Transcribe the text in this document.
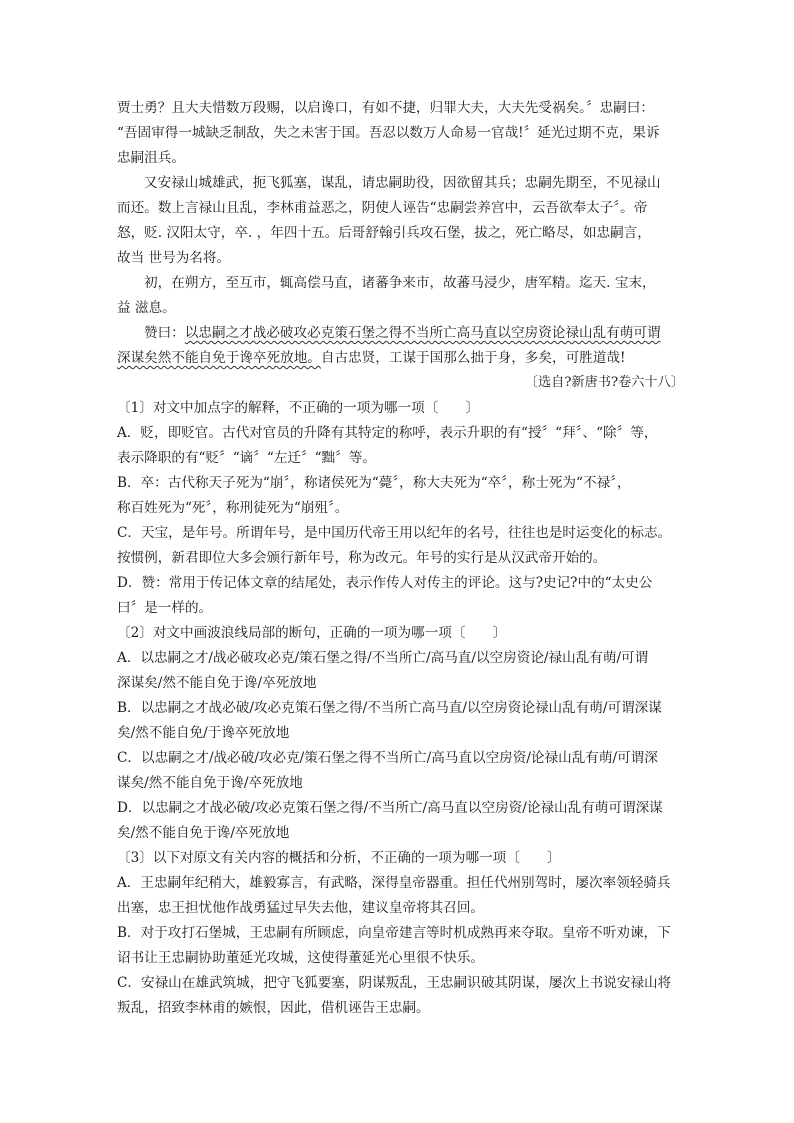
贾士勇？且大夫惜数万段赐，以启谗口，有如不捷，归罪大夫，大夫先受祸矣。〞忠嗣曰：
“吾固审得一城缺乏制敌，失之未害于国。吾忍以数万人命易一官哉!〞延光过期不克，果诉
忠嗣沮兵。
又安禄山城雄武，扼飞狐塞，谋乱，请忠嗣助役，因欲留其兵；忠嗣先期至，不见禄山
而还。数上言禄山且乱，李林甫益恶之，阴使人诬告“忠嗣尝养宫中，云吾欲奉太子〞。帝
怒，贬. 汉阳太守，卒. ，年四十五。后哥舒翰引兵攻石堡，拔之，死亡略尽，如忠嗣言，
故当 世号为名将。
初，在朔方，至互市，辄高偿马直，诸蕃争来市，故蕃马浸少，唐军精。迄天. 宝末，
益 滋息。
赞曰：以忠嗣之才战必破攻必克策石堡之得不当所亡高马直以空房资论禄山乱有萌可谓
深谋矣然不能自免于谗卒死放地。自古忠贤，工谋于国那么拙于身，多矣，可胜道哉!
〔选自?新唐书?卷六十八〕
〔1〕对文中加点字的解释，不正确的一项为哪一项〔　　〕
A．贬，即贬官。古代对官员的升降有其特定的称呼，表示升职的有“授〞“拜〞、“除〞等，
表示降职的有“贬〞“谪〞“左迁〞“黜〞等。
B．卒：古代称天子死为“崩〞，称诸侯死为“薨〞，称大夫死为“卒〞，称士死为“不禄〞，
称百姓死为“死〞，称刑徒死为“崩殂〞。
C．天宝，是年号。所谓年号，是中国历代帝王用以纪年的名号，往往也是时运变化的标志。
按惯例，新君即位大多会颁行新年号，称为改元。年号的实行是从汉武帝开始的。
D．赞：常用于传记体文章的结尾处，表示作传人对传主的评论。这与?史记?中的“太史公
曰〞是一样的。
〔2〕对文中画波浪线局部的断句，正确的一项为哪一项〔　　〕
A．以忠嗣之才/战必破攻必克/策石堡之得/不当所亡/高马直/以空房资论/禄山乱有萌/可谓
深谋矣/然不能自免于谗/卒死放地
B．以忠嗣之才战必破/攻必克策石堡之得/不当所亡高马直/以空房资论禄山乱有萌/可谓深谋
矣/然不能自免/于谗卒死放地
C．以忠嗣之才/战必破/攻必克/策石堡之得不当所亡/高马直以空房资/论禄山乱有萌/可谓深
谋矣/然不能自免于谗/卒死放地
D．以忠嗣之才战必破/攻必克策石堡之得/不当所亡/高马直以空房资/论禄山乱有萌可谓深谋
矣/然不能自免于谗/卒死放地
〔3〕以下对原文有关内容的概括和分析，不正确的一项为哪一项〔　　〕
A．王忠嗣年纪稍大，雄毅寡言，有武略，深得皇帝器重。担任代州别驾时，屡次率领轻骑兵
出塞，忠王担忧他作战勇猛过早失去他，建议皇帝将其召回。
B．对于攻打石堡城，王忠嗣有所顾虑，向皇帝建言等时机成熟再来夺取。皇帝不听劝谏，下
诏书让王忠嗣协助董延光攻城，这使得董延光心里很不快乐。
C．安禄山在雄武筑城，把守飞狐要塞，阴谋叛乱，王忠嗣识破其阴谋，屡次上书说安禄山将
叛乱，招致李林甫的嫉恨，因此，借机诬告王忠嗣。
